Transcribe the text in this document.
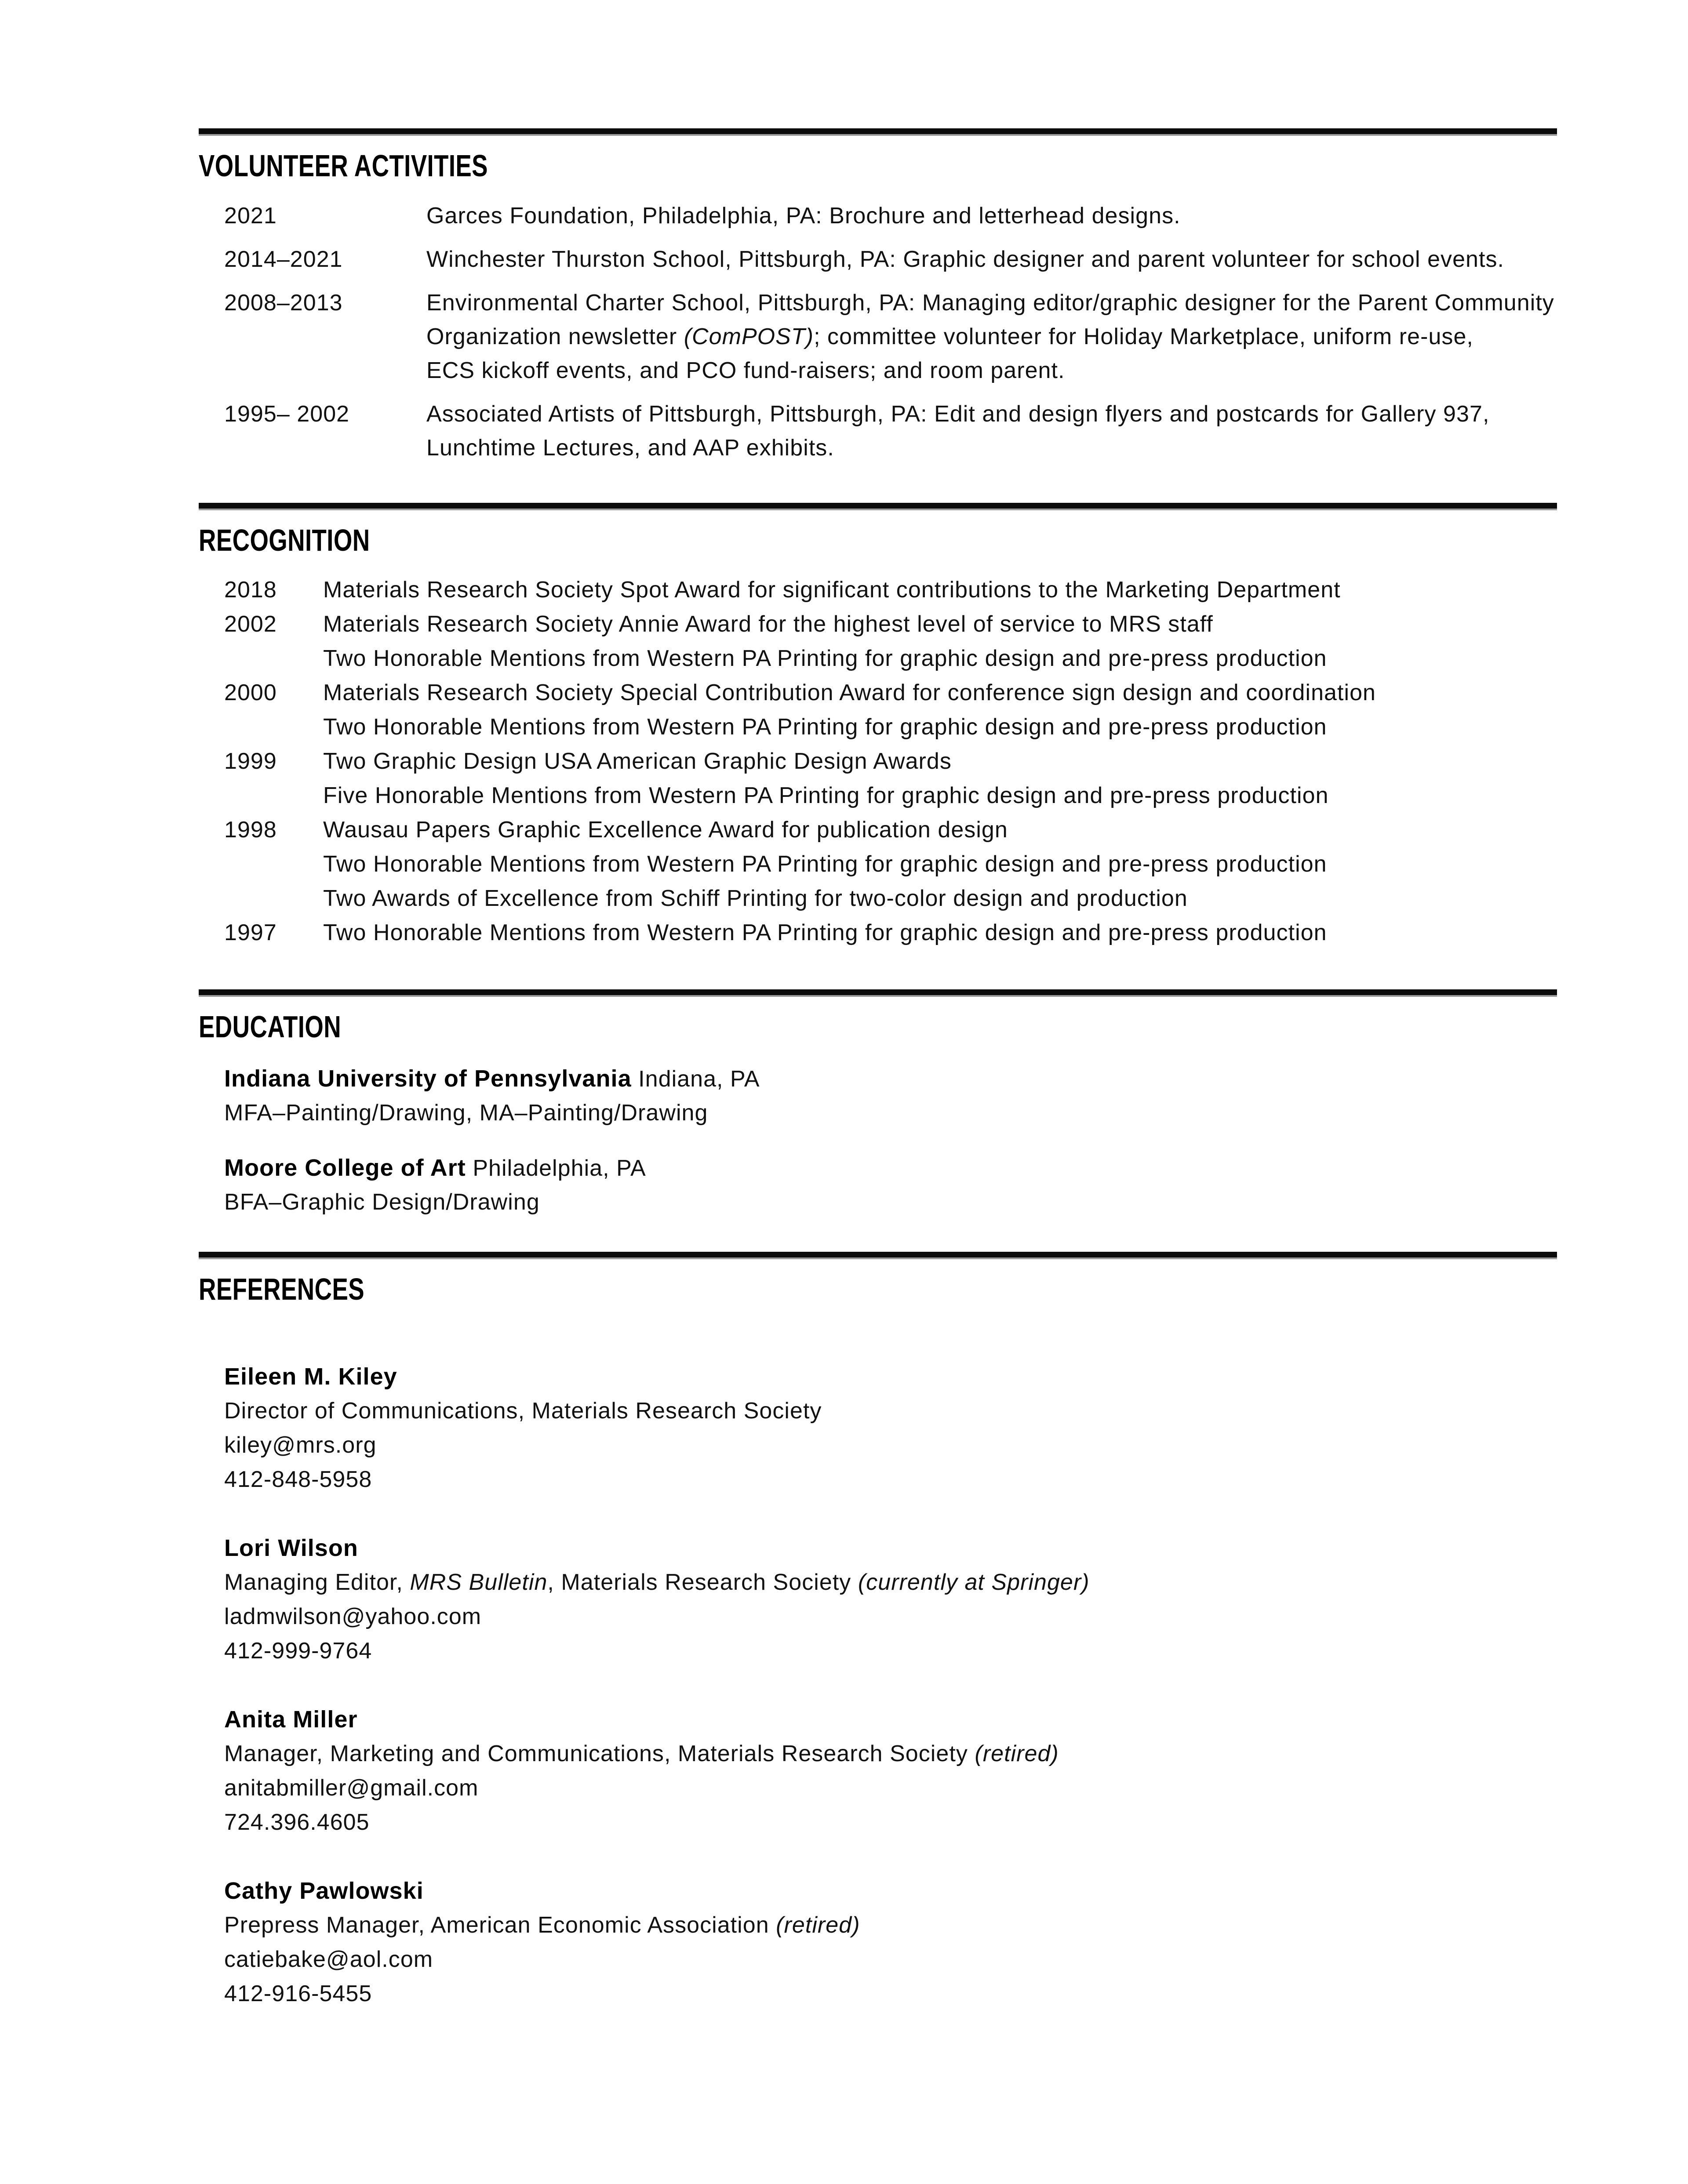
VOLUNTEER ACTIVITIES
2021	Garces Foundation, Philadelphia, PA: Brochure and letterhead designs.
2014–2021	Winchester Thurston School, Pittsburgh, PA: Graphic designer and parent volunteer for school events.
2008–2013	Environmental Charter School, Pittsburgh, PA: Managing editor/graphic designer for the Parent Community
Organization newsletter (ComPOST); committee volunteer for Holiday Marketplace, uniform re-use,
ECS kickoff events, and PCO fund-raisers; and room parent.
1995– 2002	Associated Artists of Pittsburgh, Pittsburgh, PA: Edit and design flyers and postcards for Gallery 937,
Lunchtime Lectures, and AAP exhibits.
RECOGNITION
2018	Materials Research Society Spot Award for significant contributions to the Marketing Department
2002	Materials Research Society Annie Award for the highest level of service to MRS staff
Two Honorable Mentions from Western PA Printing for graphic design and pre-press production
2000	Materials Research Society Special Contribution Award for conference sign design and coordination
Two Honorable Mentions from Western PA Printing for graphic design and pre-press production
1999	Two Graphic Design USA American Graphic Design Awards
Five Honorable Mentions from Western PA Printing for graphic design and pre-press production
1998	Wausau Papers Graphic Excellence Award for publication design
Two Honorable Mentions from Western PA Printing for graphic design and pre-press production
Two Awards of Excellence from Schiff Printing for two-color design and production
1997	Two Honorable Mentions from Western PA Printing for graphic design and pre-press production
EDUCATION
Indiana University of Pennsylvania Indiana, PA
MFA–Painting/Drawing, MA–Painting/Drawing
Moore College of Art Philadelphia, PA
BFA–Graphic Design/Drawing
REFERENCES
Eileen M. Kiley
Director of Communications, Materials Research Society
kiley@mrs.org
412-848-5958
Lori Wilson
Managing Editor, MRS Bulletin, Materials Research Society (currently at Springer)
ladmwilson@yahoo.com
412-999-9764
Anita Miller
Manager, Marketing and Communications, Materials Research Society (retired)
anitabmiller@gmail.com
724.396.4605
Cathy Pawlowski
Prepress Manager, American Economic Association (retired)
catiebake@aol.com
412-916-5455
